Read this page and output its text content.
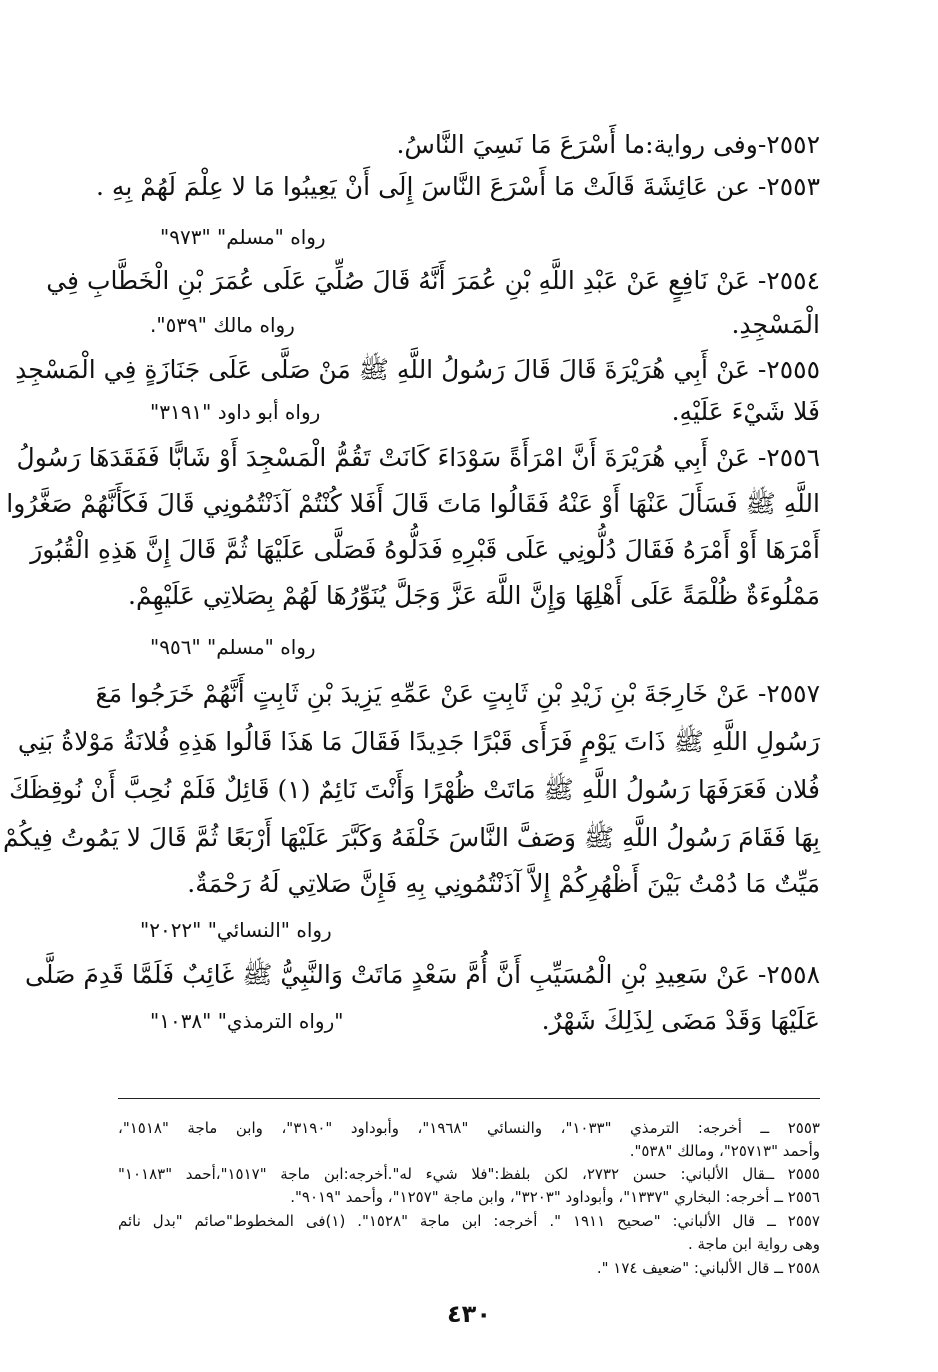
٢٥٥٢-وفى رواية:ما أَسْرَعَ مَا نَسِيَ النَّاسُ.
٢٥٥٣- عن عَائِشَةَ قَالَتْ مَا أَسْرَعَ النَّاسَ إِلَى أَنْ يَعِيبُوا مَا لا عِلْمَ لَهُمْ بِهِ .
رواه "مسلم" "٩٧٣"
٢٥٥٤- عَنْ نَافِعٍ عَنْ عَبْدِ اللَّهِ بْنِ عُمَرَ أَنَّهُ قَالَ صُلِّيَ عَلَى عُمَرَ بْنِ الْخَطَّابِ فِي
الْمَسْجِدِ.
رواه مالك "٥٣٩".
٢٥٥٥- عَنْ أَبِي هُرَيْرَةَ قَالَ قَالَ رَسُولُ اللَّهِ ﷺ مَنْ صَلَّى عَلَى جَنَازَةٍ فِي الْمَسْجِدِ
فَلا شَيْءَ عَلَيْهِ.
رواه أبو داود "٣١٩١"
٢٥٥٦- عَنْ أَبِي هُرَيْرَةَ أَنَّ امْرَأَةً سَوْدَاءَ كَانَتْ تَقُمُّ الْمَسْجِدَ أَوْ شَابًّا فَفَقَدَهَا رَسُولُ
اللَّهِ ﷺ فَسَأَلَ عَنْهَا أَوْ عَنْهُ فَقَالُوا مَاتَ قَالَ أَفَلا كُنْتُمْ آذَنْتُمُونِي قَالَ فَكَأَنَّهُمْ صَغَّرُوا
أَمْرَهَا أَوْ أَمْرَهُ فَقَالَ دُلُّونِي عَلَى قَبْرِهِ فَدَلُّوهُ فَصَلَّى عَلَيْهَا ثُمَّ قَالَ إِنَّ هَذِهِ الْقُبُورَ
مَمْلُوءَةٌ ظُلْمَةً عَلَى أَهْلِهَا وَإِنَّ اللَّهَ عَزَّ وَجَلَّ يُنَوِّرُهَا لَهُمْ بِصَلاتِي عَلَيْهِمْ.
رواه "مسلم" "٩٥٦"
٢٥٥٧- عَنْ خَارِجَةَ بْنِ زَيْدِ بْنِ ثَابِتٍ عَنْ عَمِّهِ يَزِيدَ بْنِ ثَابِتٍ أَنَّهُمْ خَرَجُوا مَعَ
رَسُولِ اللَّهِ ﷺ ذَاتَ يَوْمٍ فَرَأَى قَبْرًا جَدِيدًا فَقَالَ مَا هَذَا قَالُوا هَذِهِ فُلانَةُ مَوْلاةُ بَنِي
فُلان فَعَرَفَهَا رَسُولُ اللَّهِ ﷺ مَاتَتْ ظُهْرًا وَأَنْتَ نَائِمٌ (١) قَائِلٌ فَلَمْ نُحِبَّ أَنْ نُوقِظَكَ
بِهَا فَقَامَ رَسُولُ اللَّهِ ﷺ وَصَفَّ النَّاسَ خَلْفَهُ وَكَبَّرَ عَلَيْهَا أَرْبَعًا ثُمَّ قَالَ لا يَمُوتُ فِيكُمْ
مَيِّتٌ مَا دُمْتُ بَيْنَ أَظْهُرِكُمْ إِلاَّ آذَنْتُمُونِي بِهِ فَإِنَّ صَلاتِي لَهُ رَحْمَةٌ.
رواه "النسائي" "٢٠٢٢"
٢٥٥٨- عَنْ سَعِيدِ بْنِ الْمُسَيِّبِ أَنَّ أُمَّ سَعْدٍ مَاتَتْ وَالنَّبِيُّ ﷺ غَائِبٌ فَلَمَّا قَدِمَ صَلَّى
عَلَيْهَا وَقَدْ مَضَى لِذَلِكَ شَهْرٌ.
"رواه الترمذي" "١٠٣٨"
٢٥٥٣ ــ أخرجه: الترمذي "١٠٣٣"، والنسائي "١٩٦٨"، وأبوداود "٣١٩٠"، وابن ماجة "١٥١٨"،
وأحمد "٢٥٧١٣"، ومالك "٥٣٨".
٢٥٥٥ ــقال الألباني: حسن ٢٧٣٢، لكن بلفظ:"فلا شيء له".أخرجه:ابن ماجة "١٥١٧"،أحمد "١٠١٨٣"
٢٥٥٦ ــ أخرجه: البخاري "١٣٣٧"، وأبوداود "٣٢٠٣"، وابن ماجة "١٢٥٧"، وأحمد "٩٠١٩".
٢٥٥٧ ــ قال الألباني: "صحيح ١٩١١ ". أخرجه: ابن ماجة "١٥٢٨". (١)فى المخطوط"صائم "بدل نائم
وهى رواية ابن ماجة .
٢٥٥٨ ــ قال الألباني: "ضعيف ١٧٤ ".
٤٣٠
